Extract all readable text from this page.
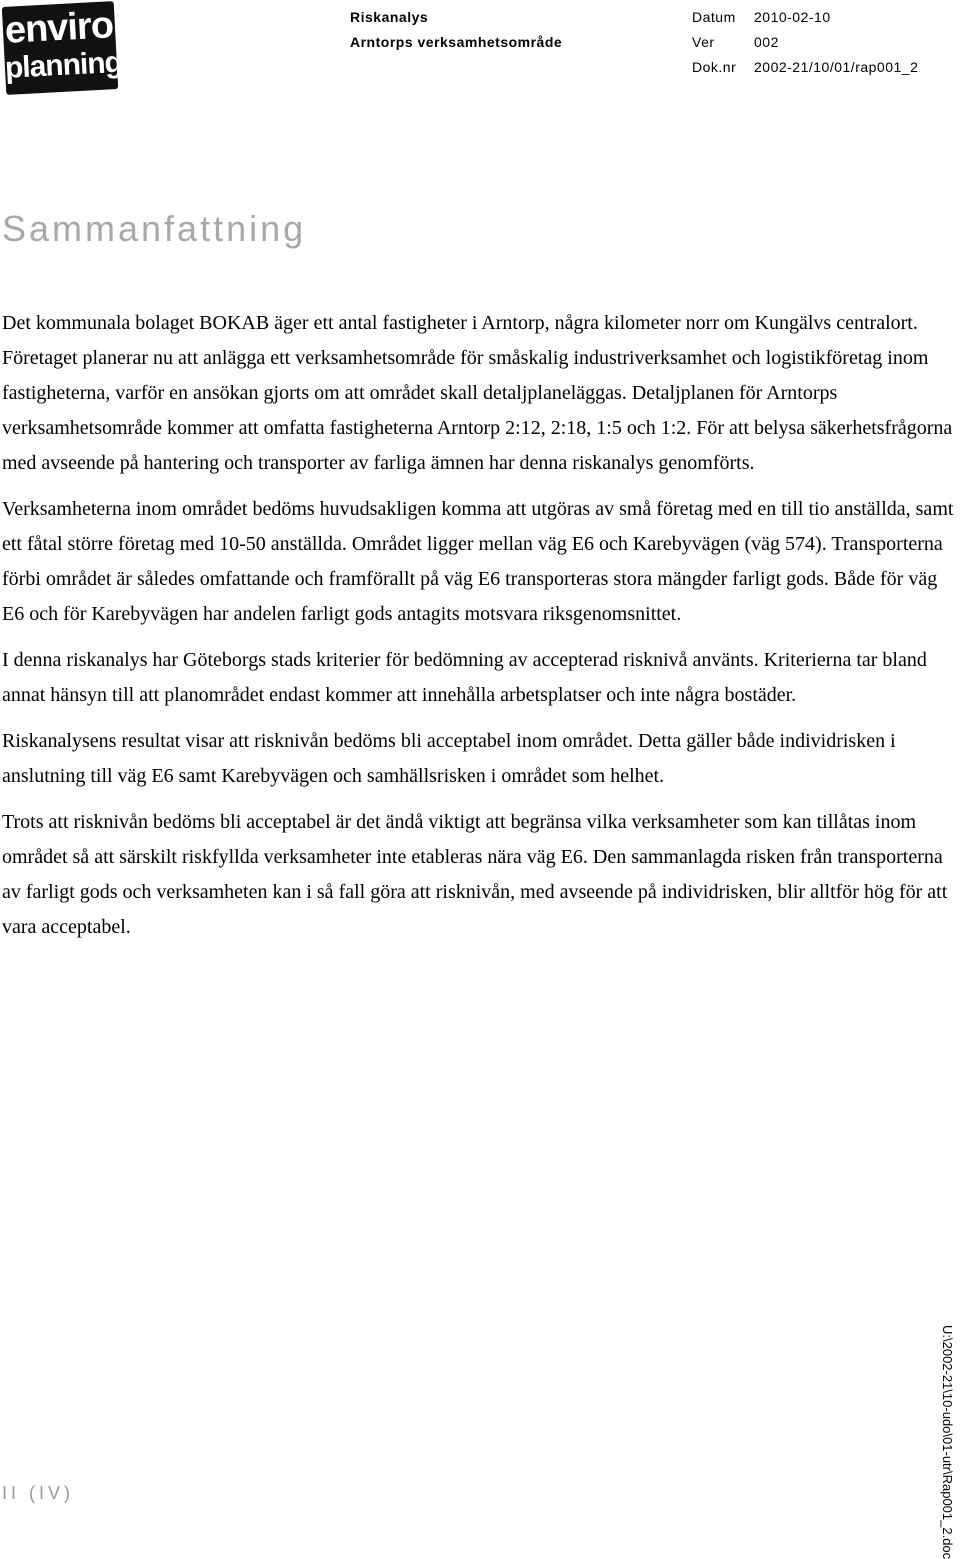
enviro
planning
Riskanalys
Arntorps verksamhetsområde
Datum 2010-02-10
Ver	002
Dok.nr 2002-21/10/01/rap001_2
Sammanfattning

Det kommunala bolaget BOKAB äger ett antal fastigheter i Arntorp, några kilometer norr om Kungälvs centralort. Företaget planerar nu att anlägga ett verksamhetsområde för småskalig industriverksamhet och logistikföretag inom fastigheterna, varför en ansökan gjorts om att området skall detaljplaneläggas. Detaljplanen för Arntorps verksamhetsområde kommer att omfatta fastigheterna Arntorp 2:12, 2:18, 1:5 och 1:2. För att belysa säkerhetsfrågorna med avseende på hantering och transporter av farliga ämnen har denna riskanalys genomförts.

Verksamheterna inom området bedöms huvudsakligen komma att utgöras av små företag med en till tio anställda, samt ett fåtal större företag med 10-50 anställda. Området ligger mellan väg E6 och Karebyvägen (väg 574). Transporterna förbi området är således omfattande och framförallt på väg E6 transporteras stora mängder farligt gods. Både för väg E6 och för Karebyvägen har andelen farligt gods antagits motsvara riksgenomsnittet.

I denna riskanalys har Göteborgs stads kriterier för bedömning av accepterad risknivå använts. Kriterierna tar bland annat hänsyn till att planområdet endast kommer att innehålla arbetsplatser och inte några bostäder.

Riskanalysens resultat visar att risknivån bedöms bli acceptabel inom området. Detta gäller både individrisken i anslutning till väg E6 samt Karebyvägen och samhällsrisken i området som helhet.

Trots att risknivån bedöms bli acceptabel är det ändå viktigt att begränsa vilka verksamheter som kan tillåtas inom området så att särskilt riskfyllda verksamheter inte etableras nära väg E6. Den sammanlagda risken från transporterna av farligt gods och verksamheten kan i så fall göra att risknivån, med avseende på individrisken, blir alltför hög för att vara acceptabel.

II (IV)	U:\2002-21\10-udo\01-utr\Rap001_2.doc
